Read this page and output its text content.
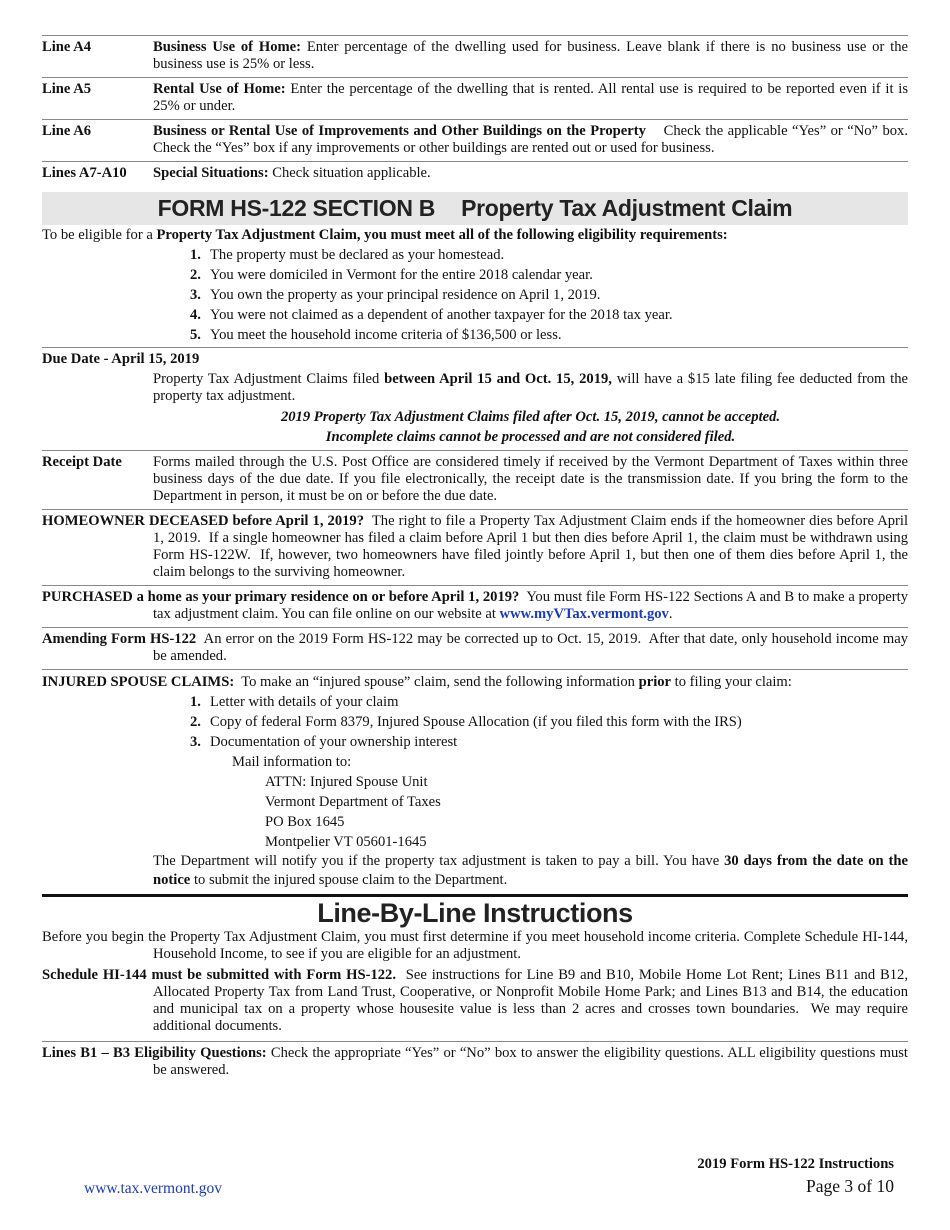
Line A4	Business Use of Home: Enter percentage of the dwelling used for business. Leave blank if there is no business use or the business use is 25% or less.
Line A5	Rental Use of Home: Enter the percentage of the dwelling that is rented. All rental use is required to be reported even if it is 25% or under.
Line A6	Business or Rental Use of Improvements and Other Buildings on the Property    Check the applicable “Yes” or “No” box.  Check the “Yes” box if any improvements or other buildings are rented out or used for business.
Lines A7-A10	Special Situations: Check situation applicable.
FORM HS-122 SECTION B Property Tax Adjustment Claim
To be eligible for a Property Tax Adjustment Claim, you must meet all of the following eligibility requirements:
1. The property must be declared as your homestead.
2. You were domiciled in Vermont for the entire 2018 calendar year.
3. You own the property as your principal residence on April 1, 2019.
4. You were not claimed as a dependent of another taxpayer for the 2018 tax year.
5. You meet the household income criteria of $136,500 or less.
Due Date - April 15, 2019
Property Tax Adjustment Claims filed between April 15 and Oct. 15, 2019, will have a $15 late filing fee deducted from the property tax adjustment.
2019 Property Tax Adjustment Claims filed after Oct. 15, 2019, cannot be accepted.
Incomplete claims cannot be processed and are not considered filed.
Receipt Date	Forms mailed through the U.S. Post Office are considered timely if received by the Vermont Department of Taxes within three business days of the due date. If you file electronically, the receipt date is the transmission date. If you bring the form to the Department in person, it must be on or before the due date.
HOMEOWNER DECEASED before April 1, 2019?  The right to file a Property Tax Adjustment Claim ends if the homeowner dies before April 1, 2019.  If a single homeowner has filed a claim before April 1 but then dies before April 1, the claim must be withdrawn using Form HS-122W.  If, however, two homeowners have filed jointly before April 1, but then one of them dies before April 1, the claim belongs to the surviving homeowner.
PURCHASED a home as your primary residence on or before April 1, 2019?  You must file Form HS-122 Sections A and B to make a property tax adjustment claim. You can file online on our website at www.myVTax.vermont.gov.
Amending Form HS-122  An error on the 2019 Form HS-122 may be corrected up to Oct. 15, 2019.  After that date, only household income may be amended.
INJURED SPOUSE CLAIMS:  To make an “injured spouse” claim, send the following information prior to filing your claim:
1. Letter with details of your claim
2. Copy of federal Form 8379, Injured Spouse Allocation (if you filed this form with the IRS)
3. Documentation of your ownership interest
Mail information to:
ATTN: Injured Spouse Unit
Vermont Department of Taxes
PO Box 1645
Montpelier VT 05601-1645
The Department will notify you if the property tax adjustment is taken to pay a bill. You have 30 days from the date on the notice to submit the injured spouse claim to the Department.
Line-By-Line Instructions
Before you begin the Property Tax Adjustment Claim, you must first determine if you meet household income criteria. Complete Schedule HI-144, Household Income, to see if you are eligible for an adjustment.
Schedule HI-144 must be submitted with Form HS-122.  See instructions for Line B9 and B10, Mobile Home Lot Rent; Lines B11 and B12, Allocated Property Tax from Land Trust, Cooperative, or Nonprofit Mobile Home Park; and Lines B13 and B14, the education and municipal tax on a property whose housesite value is less than 2 acres and crosses town boundaries.  We may require additional documents.
Lines B1 – B3 Eligibility Questions: Check the appropriate “Yes” or “No” box to answer the eligibility questions. ALL eligibility questions must be answered.
2019 Form HS-122 Instructions
www.tax.vermont.gov	Page 3 of 10
